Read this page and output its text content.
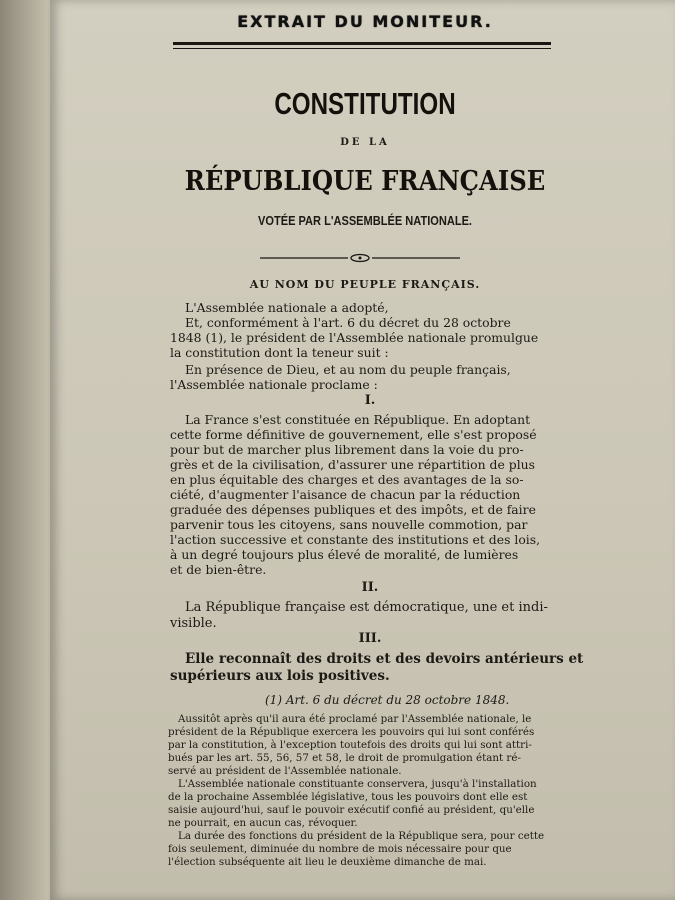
EXTRAIT DU MONITEUR.
CONSTITUTION
DE LA
RÉPUBLIQUE FRANÇAISE
VOTÉE PAR L'ASSEMBLÉE NATIONALE.
AU NOM DU PEUPLE FRANÇAIS.
L'Assemblée nationale a adopté,
Et, conformément à l'art. 6 du décret du 28 octobre
1848 (1), le président de l'Assemblée nationale promulgue
la constitution dont la teneur suit :
En présence de Dieu, et au nom du peuple français,
l'Assemblée nationale proclame :
I.
La France s'est constituée en République. En adoptant
cette forme définitive de gouvernement, elle s'est proposé
pour but de marcher plus librement dans la voie du pro-
grès et de la civilisation, d'assurer une répartition de plus
en plus équitable des charges et des avantages de la so-
ciété, d'augmenter l'aisance de chacun par la réduction
graduée des dépenses publiques et des impôts, et de faire
parvenir tous les citoyens, sans nouvelle commotion, par
l'action successive et constante des institutions et des lois,
à un degré toujours plus élevé de moralité, de lumières
et de bien-être.
II.
La République française est démocratique, une et indi-
visible.
III.
Elle reconnaît des droits et des devoirs antérieurs et
supérieurs aux lois positives.
(1) Art. 6 du décret du 28 octobre 1848.
Aussitôt après qu'il aura été proclamé par l'Assemblée nationale, le
président de la République exercera les pouvoirs qui lui sont conférés
par la constitution, à l'exception toutefois des droits qui lui sont attri-
bués par les art. 55, 56, 57 et 58, le droit de promulgation étant ré-
servé au président de l'Assemblée nationale.
L'Assemblée nationale constituante conservera, jusqu'à l'installation
de la prochaine Assemblée législative, tous les pouvoirs dont elle est
saisie aujourd'hui, sauf le pouvoir exécutif confié au président, qu'elle
ne pourrait, en aucun cas, révoquer.
La durée des fonctions du président de la République sera, pour cette
fois seulement, diminuée du nombre de mois nécessaire pour que
l'élection subséquente ait lieu le deuxième dimanche de mai.
